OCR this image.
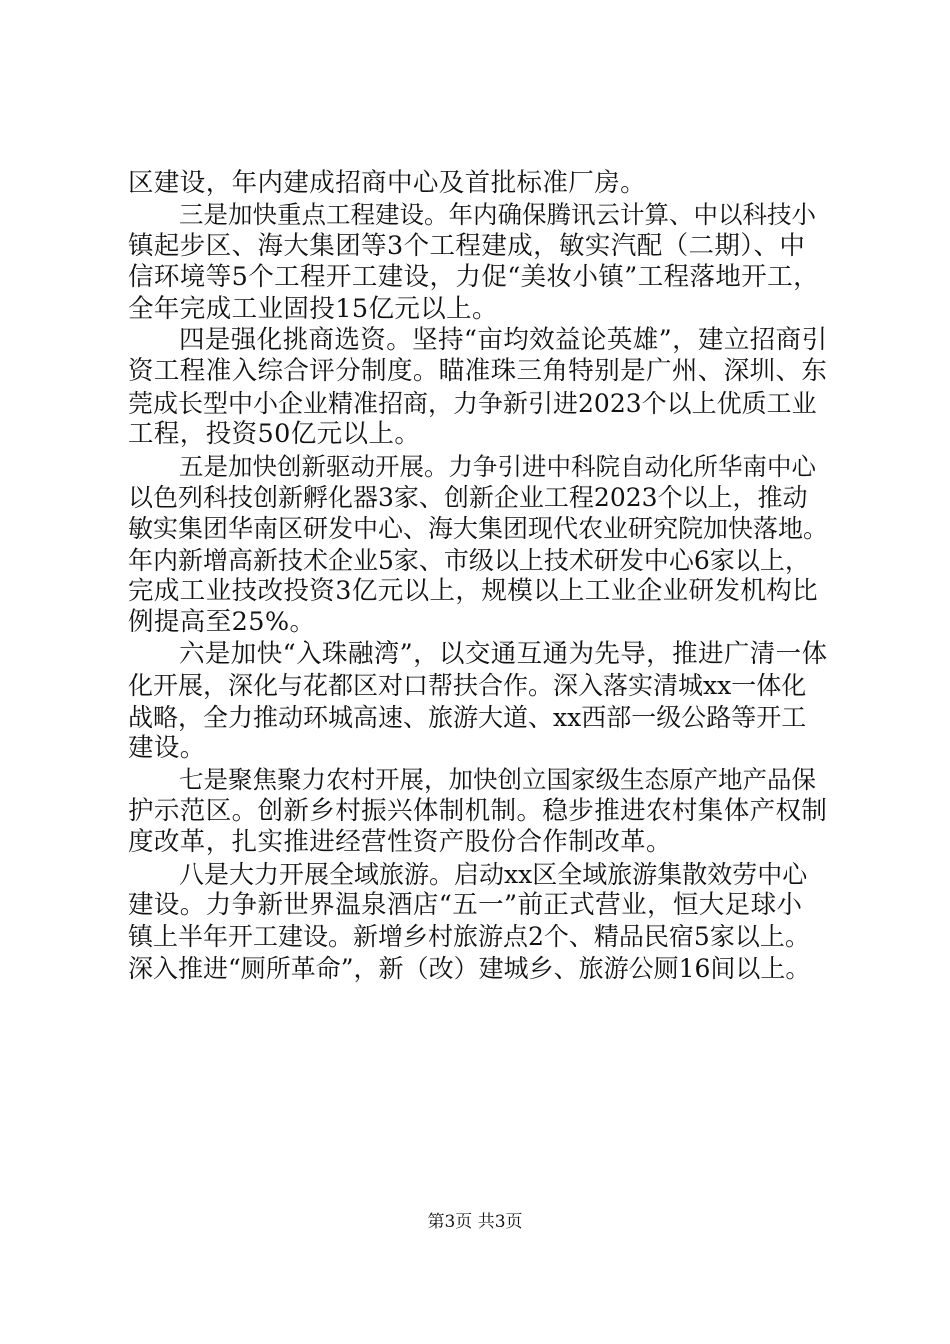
区建设，年内建成招商中心及首批标准厂房。
三是加快重点工程建设。年内确保腾讯云计算、中以科技小
镇起步区、海大集团等3个工程建成，敏实汽配（二期）、中
信环境等5个工程开工建设，力促“美妆小镇”工程落地开工，
全年完成工业固投15亿元以上。
四是强化挑商选资。坚持“亩均效益论英雄”，建立招商引
资工程准入综合评分制度。瞄准珠三角特别是广州、深圳、东
莞成长型中小企业精准招商，力争新引进2023个以上优质工业
工程，投资50亿元以上。
五是加快创新驱动开展。力争引进中科院自动化所华南中心
以色列科技创新孵化器3家、创新企业工程2023个以上，推动
敏实集团华南区研发中心、海大集团现代农业研究院加快落地。
年内新增高新技术企业5家、市级以上技术研发中心6家以上，
完成工业技改投资3亿元以上，规模以上工业企业研发机构比
例提高至25%。
六是加快“入珠融湾”，以交通互通为先导，推进广清一体
化开展，深化与花都区对口帮扶合作。深入落实清城xx一体化
战略，全力推动环城高速、旅游大道、xx西部一级公路等开工
建设。
七是聚焦聚力农村开展，加快创立国家级生态原产地产品保
护示范区。创新乡村振兴体制机制。稳步推进农村集体产权制
度改革，扎实推进经营性资产股份合作制改革。
八是大力开展全域旅游。启动xx区全域旅游集散效劳中心
建设。力争新世界温泉酒店“五一”前正式营业，恒大足球小
镇上半年开工建设。新增乡村旅游点2个、精品民宿5家以上。
深入推进“厕所革命”，新（改）建城乡、旅游公厕16间以上。
第3页 共3页
